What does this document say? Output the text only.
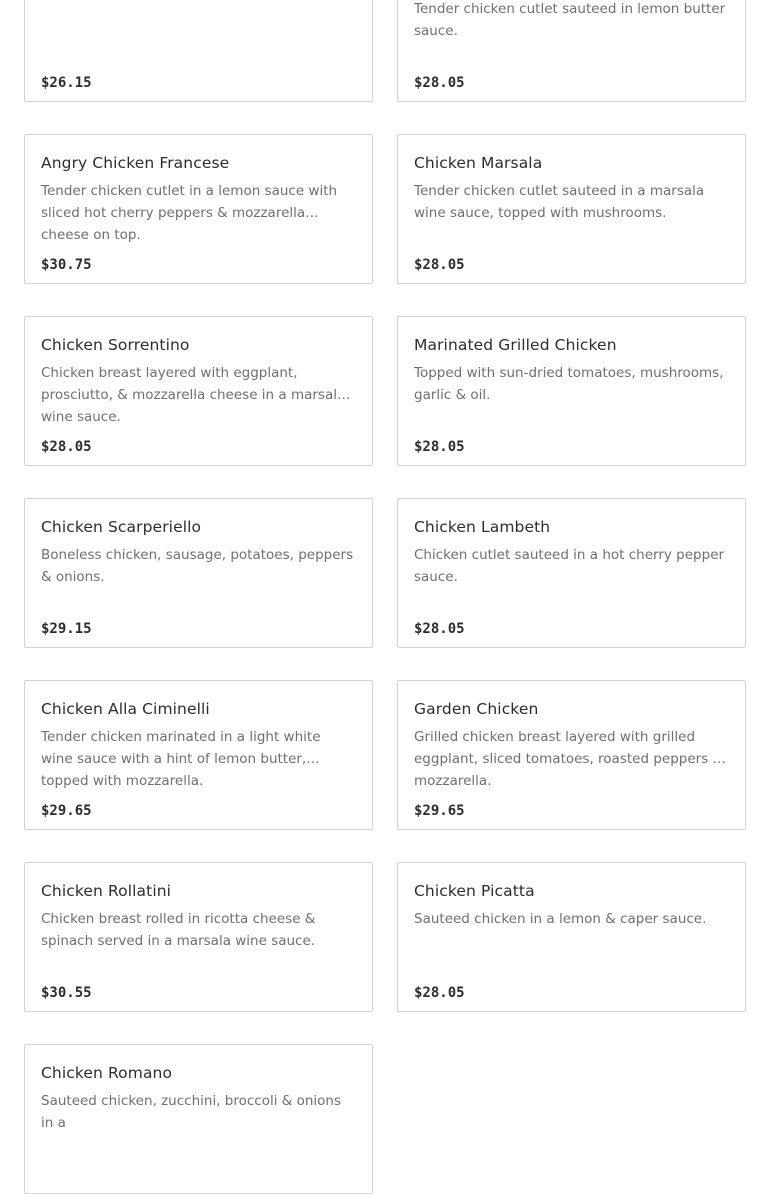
$26.15
Tender chicken cutlet sauteed in lemon butter sauce.
$28.05
Angry Chicken Francese
Tender chicken cutlet in a lemon sauce with sliced hot cherry peppers & mozzarella cheese on top.
$30.75
Chicken Marsala
Tender chicken cutlet sauteed in a marsala wine sauce, topped with mushrooms.
$28.05
Chicken Sorrentino
Chicken breast layered with eggplant, prosciutto, & mozzarella cheese in a marsala wine sauce.
$28.05
Marinated Grilled Chicken
Topped with sun-dried tomatoes, mushrooms, garlic & oil.
$28.05
Chicken Scarperiello
Boneless chicken, sausage, potatoes, peppers & onions.
$29.15
Chicken Lambeth
Chicken cutlet sauteed in a hot cherry pepper sauce.
$28.05
Chicken Alla Ciminelli
Tender chicken marinated in a light white wine sauce with a hint of lemon butter, topped with mozzarella.
$29.65
Garden Chicken
Grilled chicken breast layered with grilled eggplant, sliced tomatoes, roasted peppers & mozzarella.
$29.65
Chicken Rollatini
Chicken breast rolled in ricotta cheese & spinach served in a marsala wine sauce.
$30.55
Chicken Picatta
Sauteed chicken in a lemon & caper sauce.
$28.05
Chicken Romano
Sauteed chicken, zucchini, broccoli & onions in a
